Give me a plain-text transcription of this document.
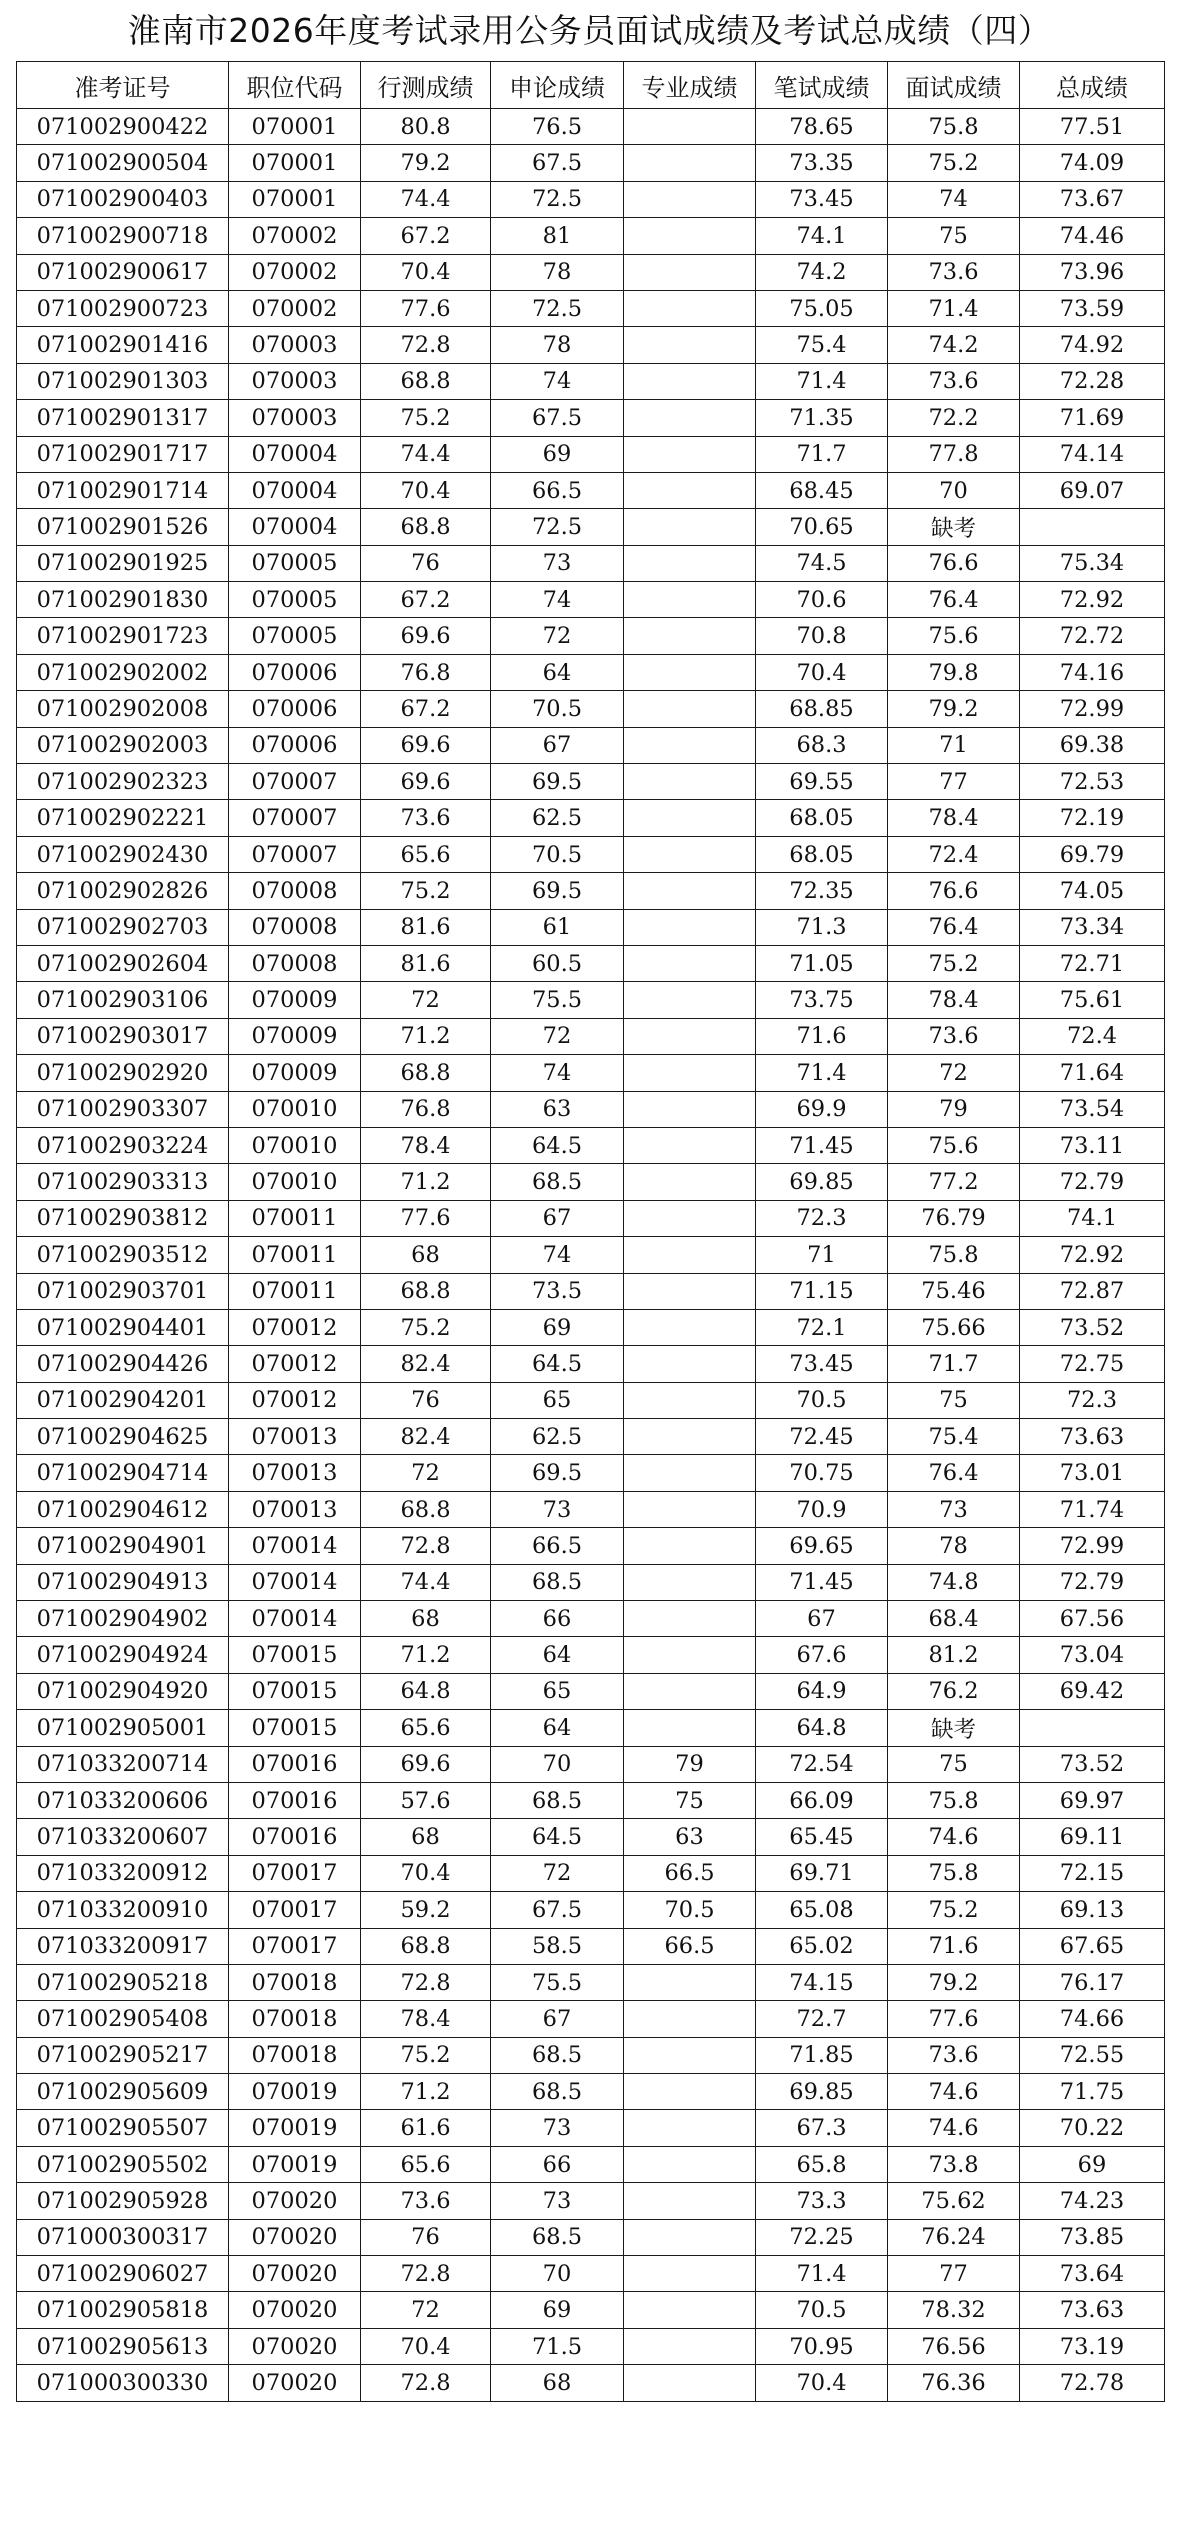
淮南市2026年度考试录用公务员面试成绩及考试总成绩（四）
准考证号	职位代码	行测成绩	申论成绩	专业成绩	笔试成绩	面试成绩	总成绩
071002900422	070001	80.8	76.5		78.65	75.8	77.51
071002900504	070001	79.2	67.5		73.35	75.2	74.09
071002900403	070001	74.4	72.5		73.45	74	73.67
071002900718	070002	67.2	81		74.1	75	74.46
071002900617	070002	70.4	78		74.2	73.6	73.96
071002900723	070002	77.6	72.5		75.05	71.4	73.59
071002901416	070003	72.8	78		75.4	74.2	74.92
071002901303	070003	68.8	74		71.4	73.6	72.28
071002901317	070003	75.2	67.5		71.35	72.2	71.69
071002901717	070004	74.4	69		71.7	77.8	74.14
071002901714	070004	70.4	66.5		68.45	70	69.07
071002901526	070004	68.8	72.5		70.65	缺考	
071002901925	070005	76	73		74.5	76.6	75.34
071002901830	070005	67.2	74		70.6	76.4	72.92
071002901723	070005	69.6	72		70.8	75.6	72.72
071002902002	070006	76.8	64		70.4	79.8	74.16
071002902008	070006	67.2	70.5		68.85	79.2	72.99
071002902003	070006	69.6	67		68.3	71	69.38
071002902323	070007	69.6	69.5		69.55	77	72.53
071002902221	070007	73.6	62.5		68.05	78.4	72.19
071002902430	070007	65.6	70.5		68.05	72.4	69.79
071002902826	070008	75.2	69.5		72.35	76.6	74.05
071002902703	070008	81.6	61		71.3	76.4	73.34
071002902604	070008	81.6	60.5		71.05	75.2	72.71
071002903106	070009	72	75.5		73.75	78.4	75.61
071002903017	070009	71.2	72		71.6	73.6	72.4
071002902920	070009	68.8	74		71.4	72	71.64
071002903307	070010	76.8	63		69.9	79	73.54
071002903224	070010	78.4	64.5		71.45	75.6	73.11
071002903313	070010	71.2	68.5		69.85	77.2	72.79
071002903812	070011	77.6	67		72.3	76.79	74.1
071002903512	070011	68	74		71	75.8	72.92
071002903701	070011	68.8	73.5		71.15	75.46	72.87
071002904401	070012	75.2	69		72.1	75.66	73.52
071002904426	070012	82.4	64.5		73.45	71.7	72.75
071002904201	070012	76	65		70.5	75	72.3
071002904625	070013	82.4	62.5		72.45	75.4	73.63
071002904714	070013	72	69.5		70.75	76.4	73.01
071002904612	070013	68.8	73		70.9	73	71.74
071002904901	070014	72.8	66.5		69.65	78	72.99
071002904913	070014	74.4	68.5		71.45	74.8	72.79
071002904902	070014	68	66		67	68.4	67.56
071002904924	070015	71.2	64		67.6	81.2	73.04
071002904920	070015	64.8	65		64.9	76.2	69.42
071002905001	070015	65.6	64		64.8	缺考	
071033200714	070016	69.6	70	79	72.54	75	73.52
071033200606	070016	57.6	68.5	75	66.09	75.8	69.97
071033200607	070016	68	64.5	63	65.45	74.6	69.11
071033200912	070017	70.4	72	66.5	69.71	75.8	72.15
071033200910	070017	59.2	67.5	70.5	65.08	75.2	69.13
071033200917	070017	68.8	58.5	66.5	65.02	71.6	67.65
071002905218	070018	72.8	75.5		74.15	79.2	76.17
071002905408	070018	78.4	67		72.7	77.6	74.66
071002905217	070018	75.2	68.5		71.85	73.6	72.55
071002905609	070019	71.2	68.5		69.85	74.6	71.75
071002905507	070019	61.6	73		67.3	74.6	70.22
071002905502	070019	65.6	66		65.8	73.8	69
071002905928	070020	73.6	73		73.3	75.62	74.23
071000300317	070020	76	68.5		72.25	76.24	73.85
071002906027	070020	72.8	70		71.4	77	73.64
071002905818	070020	72	69		70.5	78.32	73.63
071002905613	070020	70.4	71.5		70.95	76.56	73.19
071000300330	070020	72.8	68		70.4	76.36	72.78
